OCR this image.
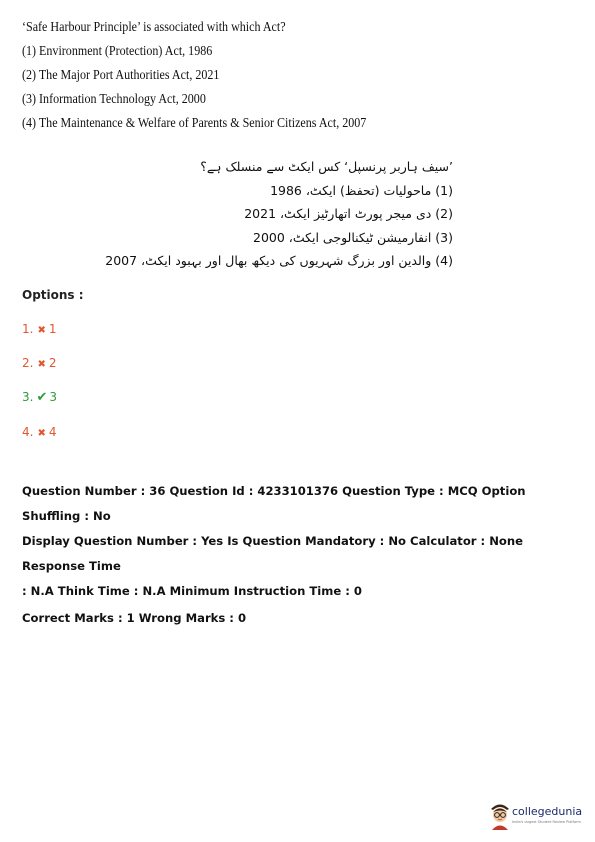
‘Safe Harbour Principle’ is associated with which Act?
(1) Environment (Protection) Act, 1986
(2) The Major Port Authorities Act, 2021
(3) Information Technology Act, 2000
(4) The Maintenance & Welfare of Parents & Senior Citizens Act, 2007
’سیف ہاربر پرنسپل‘ کس ایکٹ سے منسلک ہے؟
(1) ماحولیات (تحفظ) ایکٹ، 1986
(2) دی میجر پورٹ اتھارٹیز ایکٹ، 2021
(3) انفارمیشن ٹیکنالوجی ایکٹ، 2000
(4) والدین اور بزرگ شہریوں کی دیکھ بھال اور بہبود ایکٹ، 2007
Options :
1. ✖ 1
2. ✖ 2
3. ✔ 3
4. ✖ 4
Question Number : 36 Question Id : 4233101376 Question Type : MCQ Option Shuffling : No
Display Question Number : Yes Is Question Mandatory : No Calculator : None Response Time
: N.A Think Time : N.A Minimum Instruction Time : 0
Correct Marks : 1 Wrong Marks : 0
collegedunia
India's largest Student Review Platform
